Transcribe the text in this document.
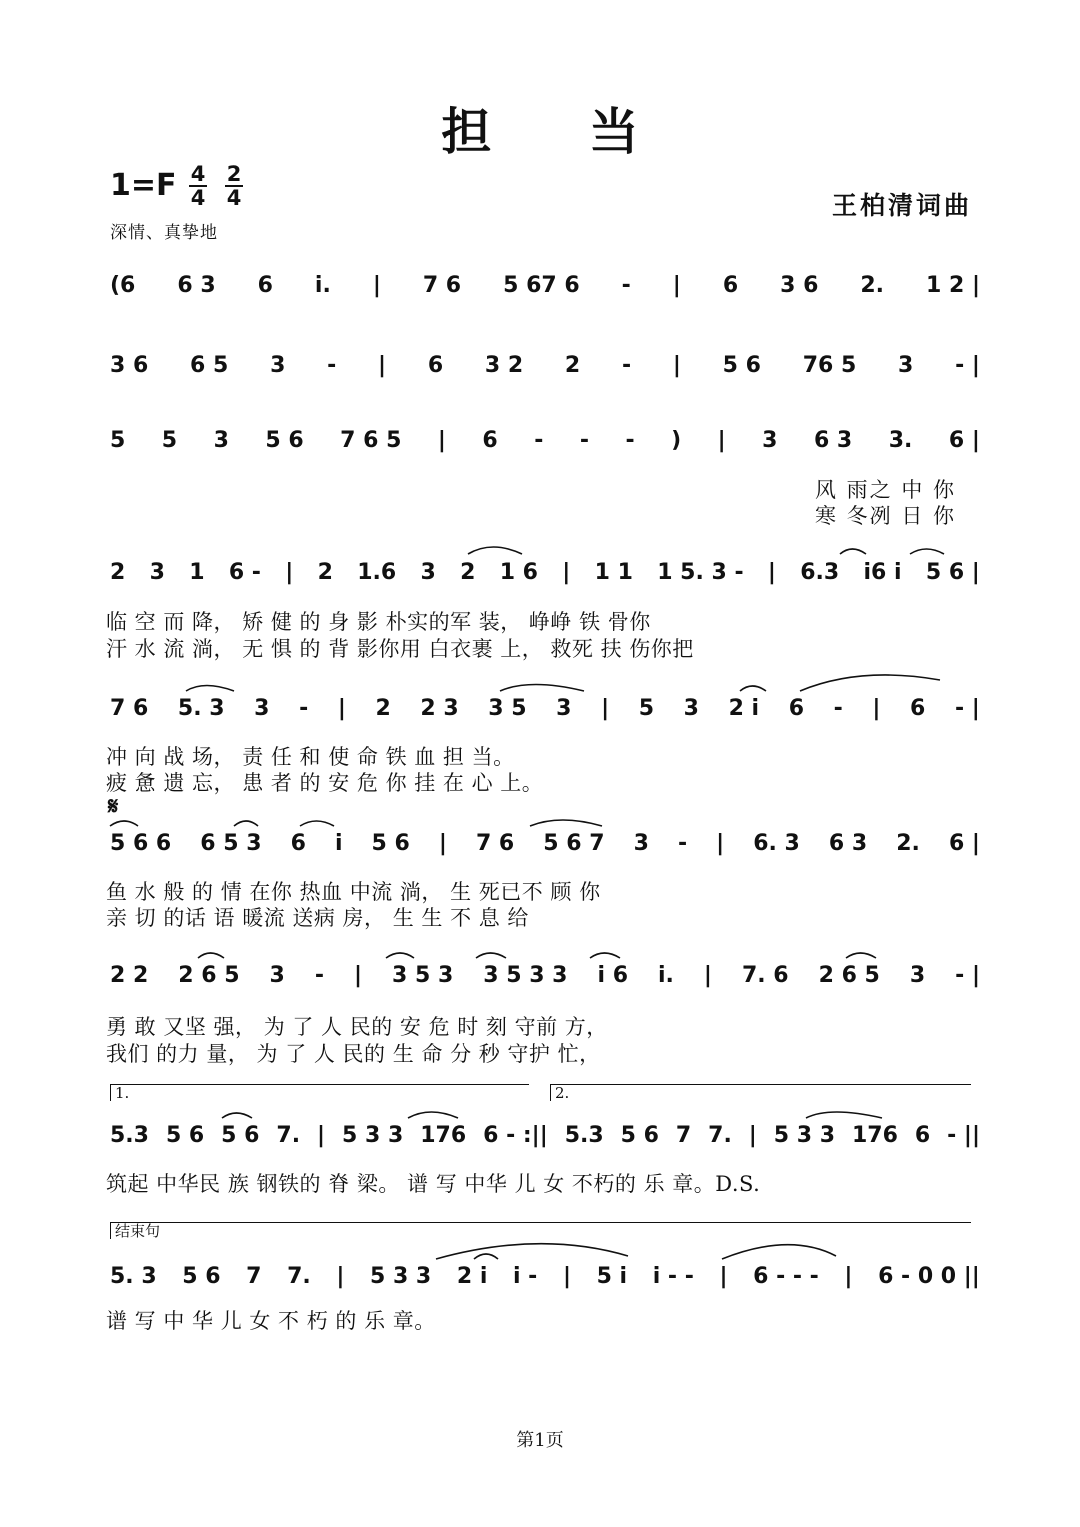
担 当
1=F 4
4
2
4
深情、真挚地
王柏清词曲
(6 6 3 6 i. | 7 6 5 67 6 - | 6 3 6 2. 1 2 |
3 6 6 5 3 - | 6 3 2 2 - | 5 6 76 5 3 - |
5 5 3 5 6 7 6 5 | 6 - - - ) | 3 6 3 3. 6 |
风 雨之 中 你
寒 冬冽 日 你
2 3 1 6 - | 2 1.6 3 2 1 6 | 1 1 1 5. 3 - | 6.3 i6 i 5 6 |
临 空 而 降， 矫 健 的 身 影 朴实的军 装， 峥峥 铁 骨你
汗 水 流 淌， 无 惧 的 背 影你用 白衣裹 上， 救死 扶 伤你把
7 6 5. 3 3 - | 2 2 3 3 5 3 | 5 3 2 i 6 - | 6 - |
冲 向 战 场， 责 任 和 使 命 铁 血 担 当。
疲 惫 遗 忘， 患 者 的 安 危 你 挂 在 心 上。
𝄋
5 6 6 6 5 3 6 i 5 6 | 7 6 5 6 7 3 - | 6. 3 6 3 2. 6 |
鱼 水 般 的 情 在你 热血 中流 淌， 生 死已不 顾 你
亲 切 的话 语 暖流 送病 房， 生 生 不 息 给
2 2 2 6 5 3 - | 3 5 3 3 5 3 3 i 6 i. | 7. 6 2 6 5 3 - |
勇 敢 又坚 强， 为 了 人 民的 安 危 时 刻 守前 方，
我们 的力 量， 为 了 人 民的 生 命 分 秒 守护 忙，
1.	2.
5.3 5 6 5 6 7. | 5 3 3 176 6 - :|| 5.3 5 6 7 7. | 5 3 3 176 6 - ||
筑起 中华民 族 钢铁的 脊 梁。 谱 写 中华 儿 女 不朽的 乐 章。D.S.
结束句
5. 3 5 6 7 7. | 5 3 3 2 i i - | 5 i i - - | 6 - - - | 6 - 0 0 ||
谱 写 中 华 儿 女 不 朽 的 乐 章。
第1页
